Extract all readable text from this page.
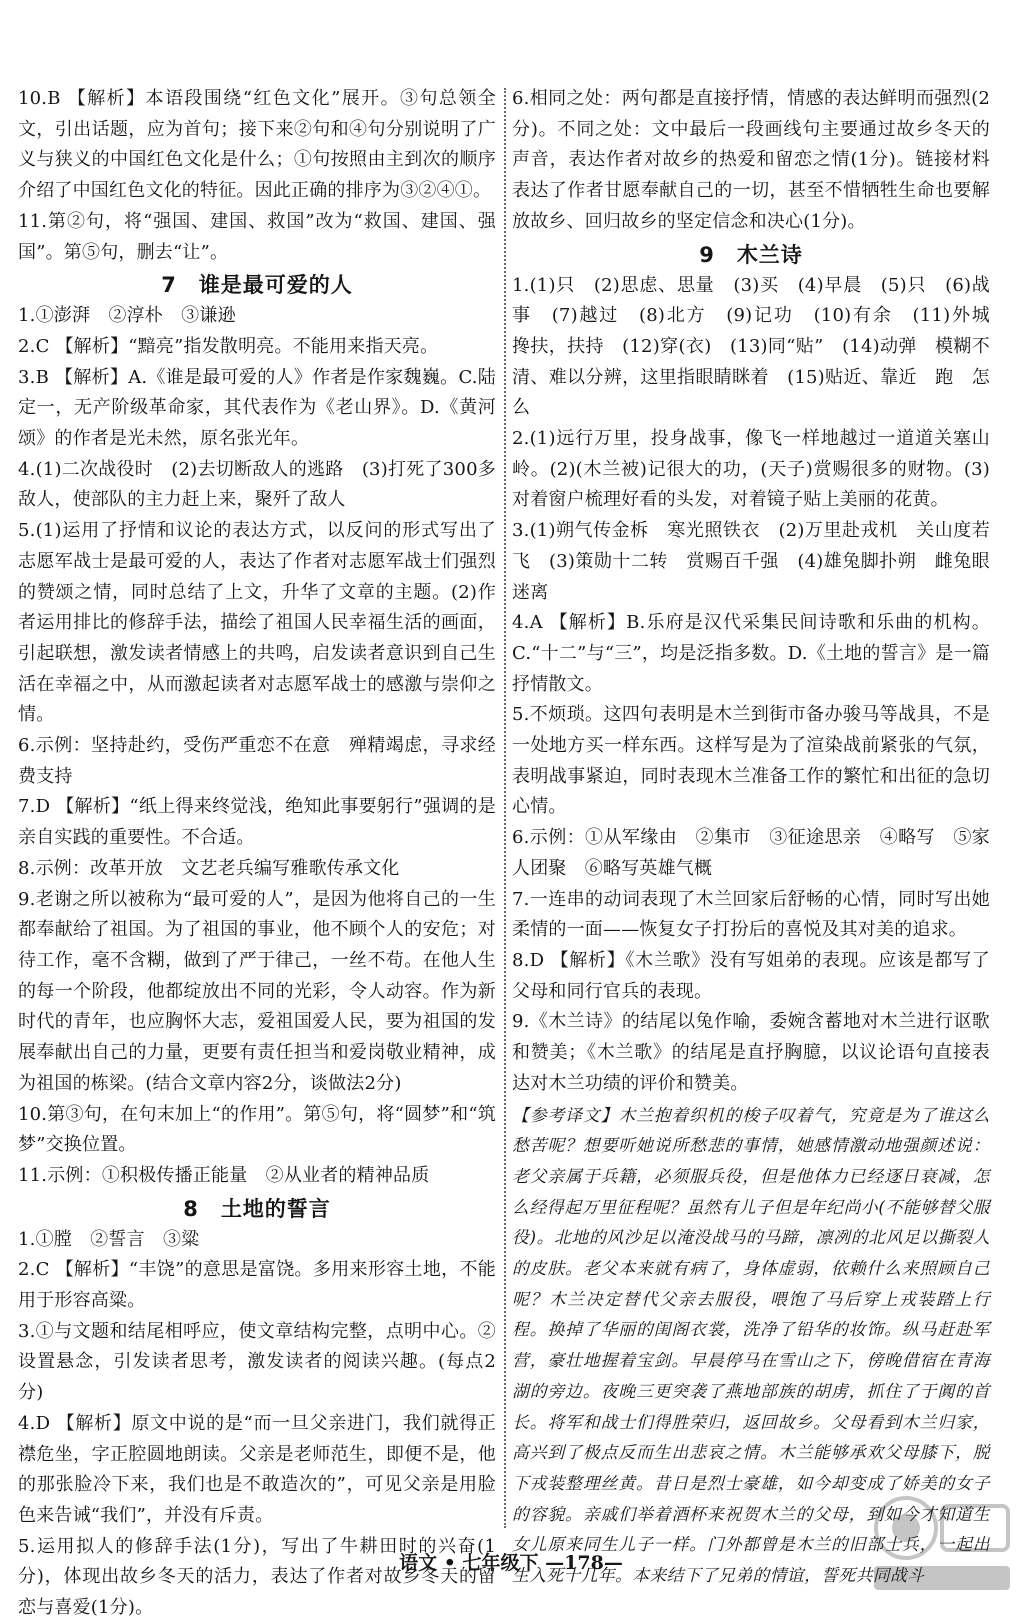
10.B 【解析】本语段围绕“红色文化”展开。③句总领全文，引出话题，应为首句；接下来②句和④句分别说明了广义与狭义的中国红色文化是什么；①句按照由主到次的顺序介绍了中国红色文化的特征。因此正确的排序为③②④①。

11.第②句，将“强国、建国、救国”改为“救国、建国、强国”。第⑤句，删去“让”。

7 谁是最可爱的人

1.①澎湃　②淳朴　③谦逊

2.C 【解析】“黯亮”指发散明亮。不能用来指天亮。

3.B 【解析】A.《谁是最可爱的人》作者是作家魏巍。C.陆定一，无产阶级革命家，其代表作为《老山界》。D.《黄河颂》的作者是光未然，原名张光年。

4.(1)二次战役时　(2)去切断敌人的逃路　(3)打死了300多敌人，使部队的主力赶上来，聚歼了敌人

5.(1)运用了抒情和议论的表达方式，以反问的形式写出了志愿军战士是最可爱的人，表达了作者对志愿军战士们强烈的赞颂之情，同时总结了上文，升华了文章的主题。(2)作者运用排比的修辞手法，描绘了祖国人民幸福生活的画面，引起联想，激发读者情感上的共鸣，启发读者意识到自己生活在幸福之中，从而激起读者对志愿军战士的感激与崇仰之情。

6.示例：坚持赴约，受伤严重恋不在意　殚精竭虑，寻求经费支持

7.D 【解析】“纸上得来终觉浅，绝知此事要躬行”强调的是亲自实践的重要性。不合适。

8.示例：改革开放　文艺老兵编写雅歌传承文化

9.老谢之所以被称为“最可爱的人”，是因为他将自己的一生都奉献给了祖国。为了祖国的事业，他不顾个人的安危；对待工作，毫不含糊，做到了严于律己，一丝不苟。在他人生的每一个阶段，他都绽放出不同的光彩，令人动容。作为新时代的青年，也应胸怀大志，爱祖国爱人民，要为祖国的发展奉献出自己的力量，更要有责任担当和爱岗敬业精神，成为祖国的栋梁。(结合文章内容2分，谈做法2分)

10.第③句，在句末加上“的作用”。第⑤句，将“圆梦”和“筑梦”交换位置。

11.示例：①积极传播正能量　②从业者的精神品质

8 土地的誓言

1.①膛　②誓言　③粱

2.C 【解析】“丰饶”的意思是富饶。多用来形容土地，不能用于形容高粱。

3.①与文题和结尾相呼应，使文章结构完整，点明中心。②设置悬念，引发读者思考，激发读者的阅读兴趣。(每点2分)

4.D 【解析】原文中说的是“而一旦父亲进门，我们就得正襟危坐，字正腔圆地朗读。父亲是老师范生，即便不是，他的那张脸冷下来，我们也是不敢造次的”，可见父亲是用脸色来告诫“我们”，并没有斥责。

5.运用拟人的修辞手法(1分)，写出了牛耕田时的兴奋(1分)，体现出故乡冬天的活力，表达了作者对故乡冬天的留恋与喜爱(1分)。

6.相同之处：两句都是直接抒情，情感的表达鲜明而强烈(2分)。不同之处：文中最后一段画线句主要通过故乡冬天的声音，表达作者对故乡的热爱和留恋之情(1分)。链接材料表达了作者甘愿奉献自己的一切，甚至不惜牺牲生命也要解放故乡、回归故乡的坚定信念和决心(1分)。

9 木兰诗

1.(1)只　(2)思虑、思量　(3)买　(4)早晨　(5)只　(6)战事　(7)越过　(8)北方　(9)记功　(10)有余　(11)外城　搀扶，扶持　(12)穿(衣)　(13)同“贴”　(14)动弹　模糊不清、难以分辨，这里指眼睛眯着　(15)贴近、靠近　跑　怎么

2.(1)远行万里，投身战事，像飞一样地越过一道道关塞山岭。(2)(木兰被)记很大的功，(天子)赏赐很多的财物。(3)对着窗户梳理好看的头发，对着镜子贴上美丽的花黄。

3.(1)朔气传金柝　寒光照铁衣　(2)万里赴戎机　关山度若飞　(3)策勋十二转　赏赐百千强　(4)雄兔脚扑朔　雌兔眼迷离

4.A 【解析】B.乐府是汉代采集民间诗歌和乐曲的机构。C.“十二”与“三”，均是泛指多数。D.《土地的誓言》是一篇抒情散文。

5.不烦琐。这四句表明是木兰到街市备办骏马等战具，不是一处地方买一样东西。这样写是为了渲染战前紧张的气氛，表明战事紧迫，同时表现木兰准备工作的繁忙和出征的急切心情。

6.示例：①从军缘由　②集市　③征途思亲　④略写　⑤家人团聚　⑥略写英雄气概

7.一连串的动词表现了木兰回家后舒畅的心情，同时写出她柔情的一面——恢复女子打扮后的喜悦及其对美的追求。

8.D 【解析】《木兰歌》没有写姐弟的表现。应该是都写了父母和同行官兵的表现。

9.《木兰诗》的结尾以兔作喻，委婉含蓄地对木兰进行讴歌和赞美；《木兰歌》的结尾是直抒胸臆，以议论语句直接表达对木兰功绩的评价和赞美。

【参考译文】木兰抱着织机的梭子叹着气，究竟是为了谁这么愁苦呢？想要听她说所愁悲的事情，她感情激动地强颜述说：老父亲属于兵籍，必须服兵役，但是他体力已经逐日衰减，怎么经得起万里征程呢？虽然有儿子但是年纪尚小(不能够替父服役)。北地的风沙足以淹没战马的马蹄，凛冽的北风足以撕裂人的皮肤。老父本来就有病了，身体虚弱，依赖什么来照顾自己呢？木兰决定替代父亲去服役，喂饱了马后穿上戎装踏上行程。换掉了华丽的闺阁衣裳，洗净了铅华的妆饰。纵马赶赴军营，豪壮地握着宝剑。早晨停马在雪山之下，傍晚借宿在青海湖的旁边。夜晚三更突袭了燕地部族的胡虏，抓住了于阗的首长。将军和战士们得胜荣归，返回故乡。父母看到木兰归家，高兴到了极点反而生出悲哀之情。木兰能够承欢父母膝下，脱下戎装整理丝黄。昔日是烈士豪雄，如今却变成了娇美的女子的容貌。亲戚们举着酒杯来祝贺木兰的父母，到如今才知道生女儿原来同生儿子一样。门外都曾是木兰的旧部士兵，一起出生入死十几年。本来结下了兄弟的情谊，誓死共同战斗

语文 • 七年级下 —178—
